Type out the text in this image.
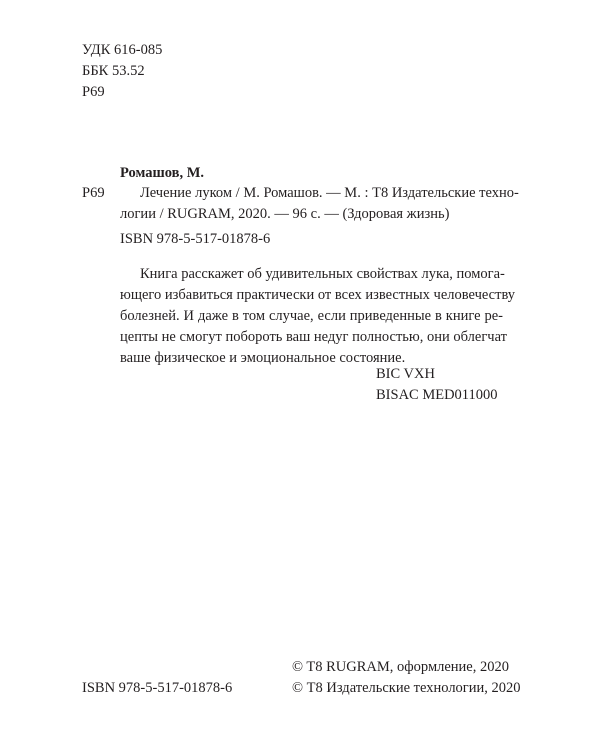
УДК 616-085
ББК 53.52
Р69
Ромашов, М.
Р69 Лечение луком / М. Ромашов. — М. : Т8 Издательские техно-
логии / RUGRAM, 2020. — 96 с. — (Здоровая жизнь)
ISBN 978-5-517-01878-6
Книга расскажет об удивительных свойствах лука, помога-
ющего избавиться практически от всех известных человечеству
болезней. И даже в том случае, если приведенные в книге ре-
цепты не смогут побороть ваш недуг полностью, они облегчат
ваше физическое и эмоциональное состояние.
BIC VXH
BISAC MED011000
ISBN 978-5-517-01878-6
© T8 RUGRAM, оформление, 2020
© Т8 Издательские технологии, 2020
